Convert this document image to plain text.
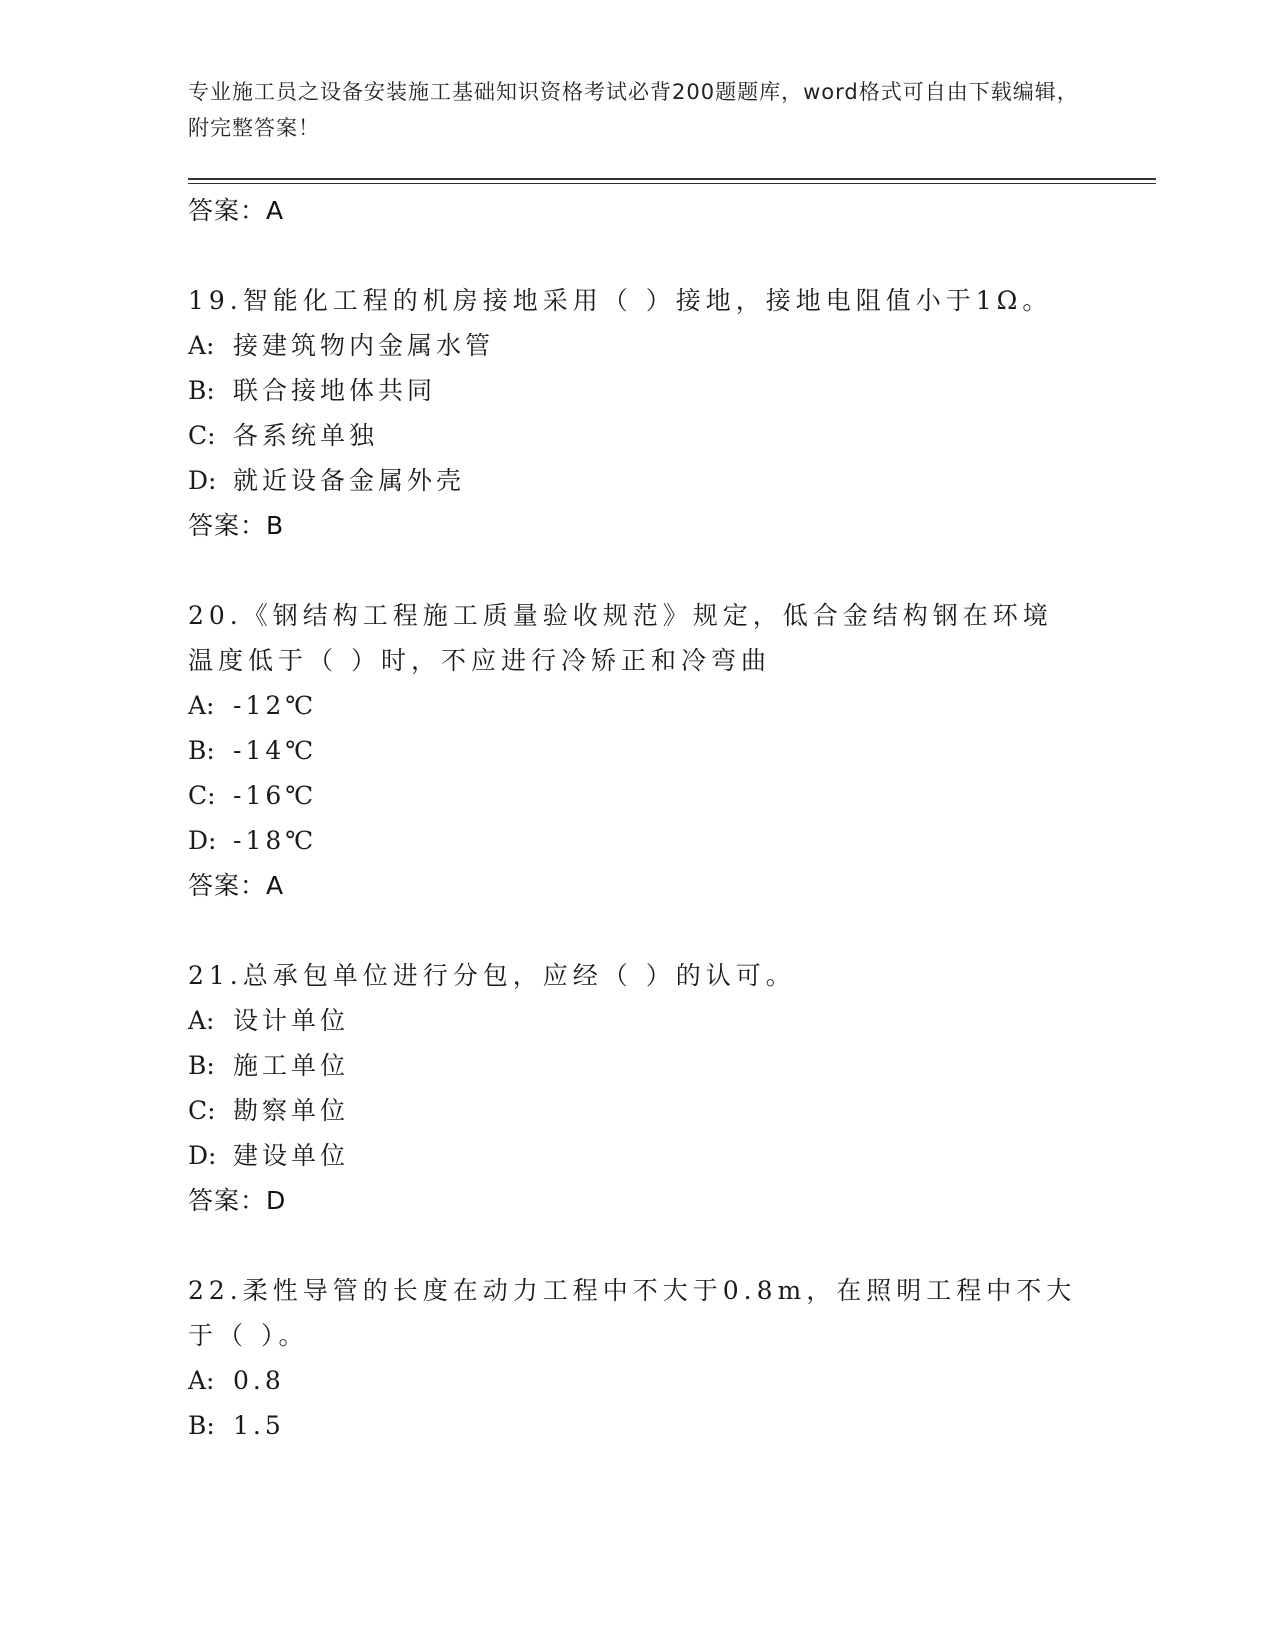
专业施工员之设备安装施工基础知识资格考试必背200题题库，word格式可自由下载编辑，附完整答案！
答案：A
19.智能化工程的机房接地采用（ ）接地，接地电阻值小于1Ω。
A: 接建筑物内金属水管
B: 联合接地体共同
C: 各系统单独
D: 就近设备金属外壳
答案：B
20.《钢结构工程施工质量验收规范》规定，低合金结构钢在环境温度低于（ ）时，不应进行冷矫正和冷弯曲
A: -12℃
B: -14℃
C: -16℃
D: -18℃
答案：A
21.总承包单位进行分包，应经（ ）的认可。
A: 设计单位
B: 施工单位
C: 勘察单位
D: 建设单位
答案：D
22.柔性导管的长度在动力工程中不大于0.8m，在照明工程中不大于（ ）。
A: 0.8
B: 1.5
